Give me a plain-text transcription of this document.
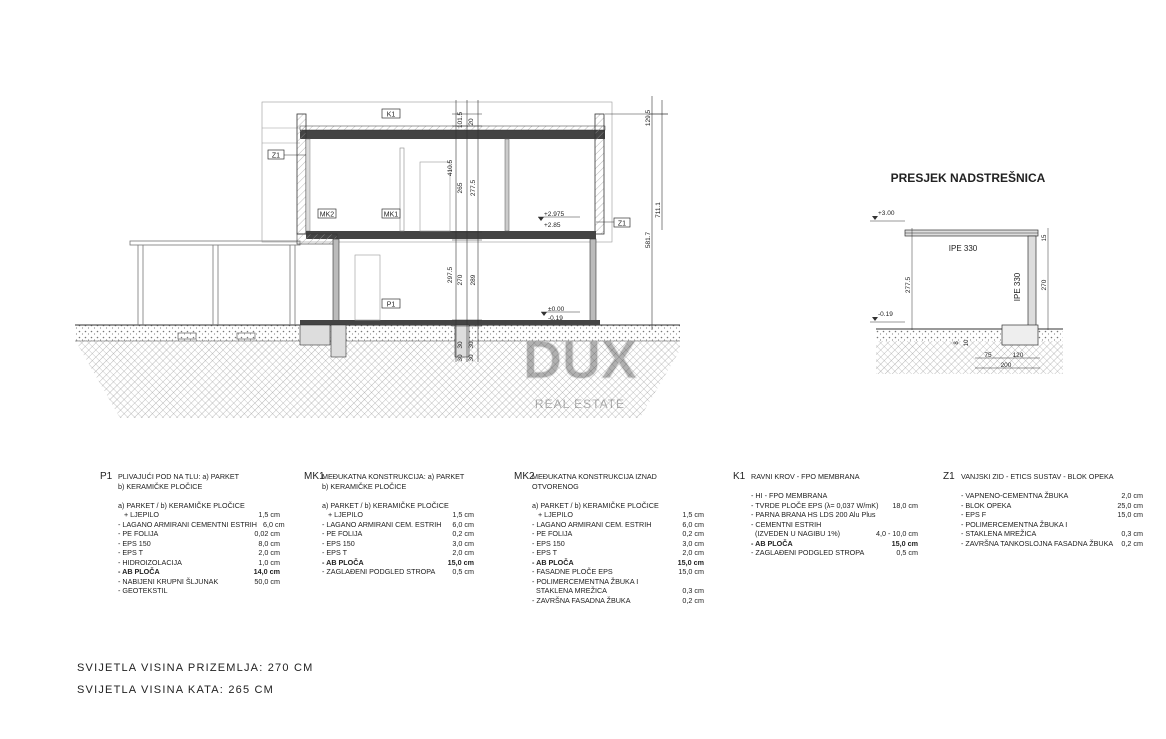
101.5 20
410.5
265 277.5
297.5 270 289
129.5
581.7
711.1
30 30
30 30
K1
Z1
MK2	MK1
P1
Z1
+2.975
+2.85
±0.00
-0.19
DUX
REAL ESTATE
PRESJEK NADSTREŠNICA
IPE 330
IPE 330
+3.00
-0.19
277.5	270
15
8 10
75	120
200
P1 PLIVAJUĆI POD NA TLU: a) PARKET
b) KERAMIČKE PLOČICE
a) PARKET / b) KERAMIČKE PLOČICE
+ LJEPILO	1,5 cm
- LAGANO ARMIRANI CEMENTNI ESTRIH 6,0 cm
- PE FOLIJA	0,02 cm
- EPS 150	8,0 cm
- EPS T	2,0 cm
- HIDROIZOLACIJA	1,0 cm
- AB PLOČA	14,0 cm
- NABIJENI KRUPNI ŠLJUNAK	50,0 cm
- GEOTEKSTIL
MK1
MEĐUKATNA KONSTRUKCIJA: a) PARKET
b) KERAMIČKE PLOČICE
a) PARKET / b) KERAMIČKE PLOČICE
+ LJEPILO	1,5 cm
- LAGANO ARMIRANI CEM. ESTRIH 6,0 cm
- PE FOLIJA	0,2 cm
- EPS 150	3,0 cm
- EPS T	2,0 cm
- AB PLOČA	15,0 cm
- ZAGLAĐENI PODGLED STROPA 0,5 cm
MK2
MEĐUKATNA KONSTRUKCIJA IZNAD OTVORENOG
a) PARKET / b) KERAMIČKE PLOČICE
+ LJEPILO	1,5 cm
- LAGANO ARMIRANI CEM. ESTRIH	6,0 cm
- PE FOLIJA	0,2 cm
- EPS 150	3,0 cm
- EPS T	2,0 cm
- AB PLOČA	15,0 cm
- FASADNE PLOČE EPS	15,0 cm
- POLIMERCEMENTNA ŽBUKA I
STAKLENA MREŽICA	0,3 cm
- ZAVRŠNA FASADNA ŽBUKA	0,2 cm
K1 RAVNI KROV - FPO MEMBRANA
- HI - FPO MEMBRANA
- TVRDE PLOČE EPS (λ= 0,037 W/mK) 18,0 cm
- PARNA BRANA HS LDS 200 Alu Plus
- CEMENTNI ESTRIH
(IZVEDEN U NAGIBU 1%)	4,0 - 10,0 cm
- AB PLOČA	15,0 cm
- ZAGLAĐENI PODGLED STROPA	0,5 cm
Z1 VANJSKI ZID - ETICS SUSTAV - BLOK OPEKA
- VAPNENO-CEMENTNA ŽBUKA	2,0 cm
- BLOK OPEKA	25,0 cm
- EPS F	15,0 cm
- POLIMERCEMENTNA ŽBUKA I
- STAKLENA MREŽICA	0,3 cm
- ZAVRŠNA TANKOSLOJNA FASADNA ŽBUKA 0,2 cm
SVIJETLA VISINA PRIZEMLJA: 270 CM
SVIJETLA VISINA KATA: 265 CM
